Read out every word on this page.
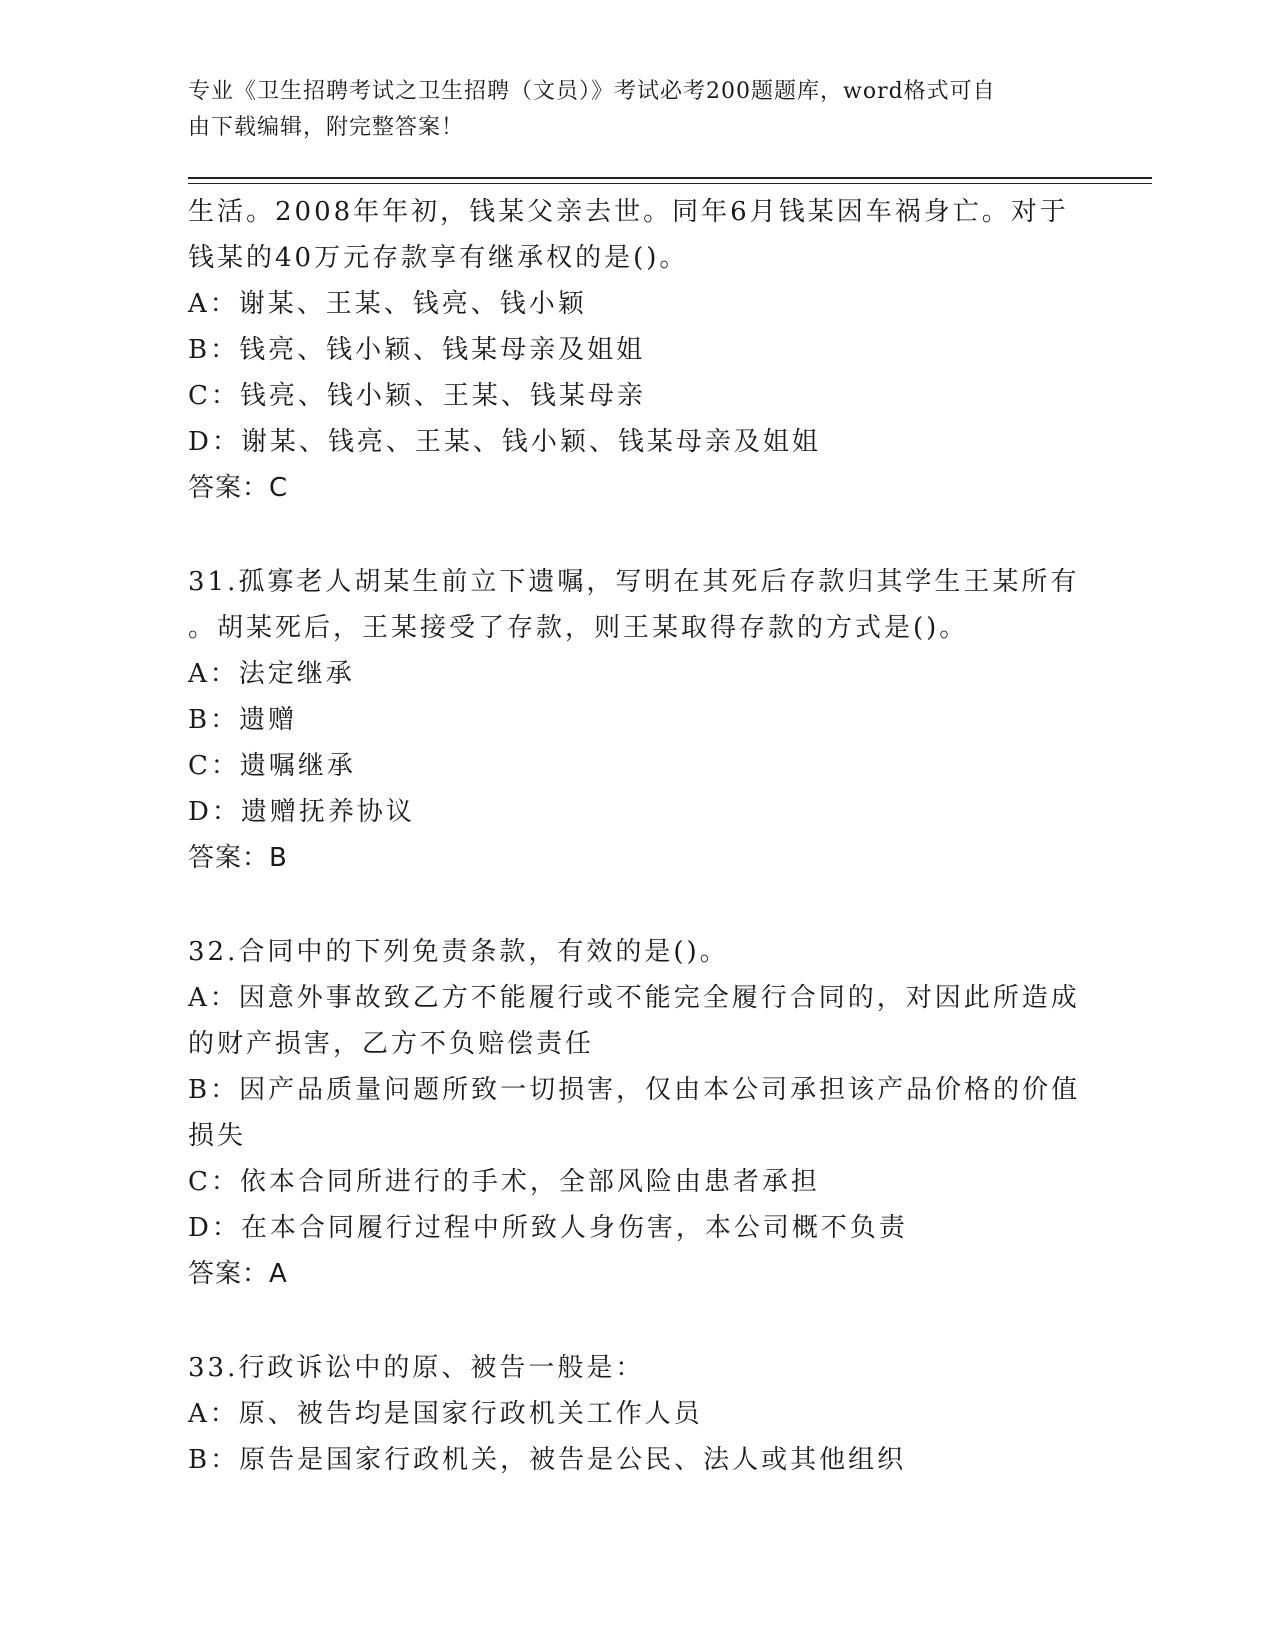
专业《卫生招聘考试之卫生招聘（文员）》考试必考200题题库，word格式可自
由下载编辑，附完整答案！
生活。2008年年初，钱某父亲去世。同年6月钱某因车祸身亡。对于
钱某的40万元存款享有继承权的是()。
A：谢某、王某、钱亮、钱小颖
B：钱亮、钱小颖、钱某母亲及姐姐
C：钱亮、钱小颖、王某、钱某母亲
D：谢某、钱亮、王某、钱小颖、钱某母亲及姐姐
答案：C
31.孤寡老人胡某生前立下遗嘱，写明在其死后存款归其学生王某所有
。胡某死后，王某接受了存款，则王某取得存款的方式是()。
A：法定继承
B：遗赠
C：遗嘱继承
D：遗赠抚养协议
答案：B
32.合同中的下列免责条款，有效的是()。
A：因意外事故致乙方不能履行或不能完全履行合同的，对因此所造成
的财产损害，乙方不负赔偿责任
B：因产品质量问题所致一切损害，仅由本公司承担该产品价格的价值
损失
C：依本合同所进行的手术，全部风险由患者承担
D：在本合同履行过程中所致人身伤害，本公司概不负责
答案：A
33.行政诉讼中的原、被告一般是：
A：原、被告均是国家行政机关工作人员
B：原告是国家行政机关，被告是公民、法人或其他组织
